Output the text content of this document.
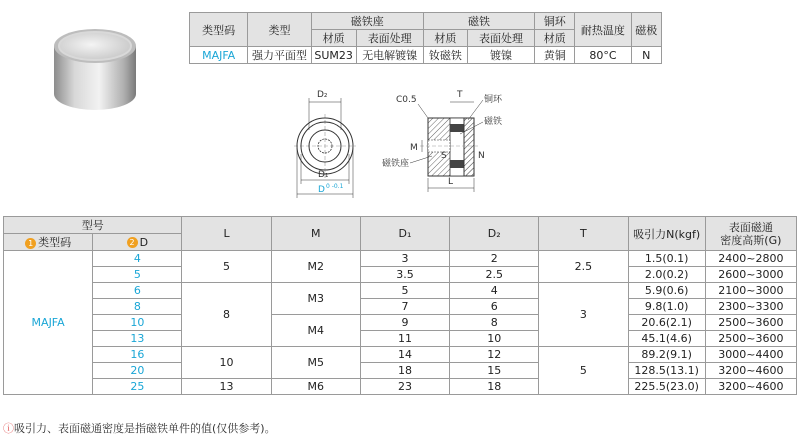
类型码	类型	磁铁座		磁铁		铜环	耐热温度	磁极
		材质	表面处理	材质	表面处理	材质		
MAJFA	强力平面型	SUM23	无电解镀镍	钕磁铁	镀镍	黄铜	80°C	N
D₂
D₁
D 0 -0.1
C0.5	T
M
铜环
磁铁
磁铁座
S	N
L
型号		L	M	D₁	D₂	T	吸引力N(kgf)	表面磁通
密度高斯(G)
1 类型码	2 D							
MAJFA	4	5	M2	3	2	2.5	1.5(0.1)	2400~2800
	5			3.5	2.5		2.0(0.2)	2600~3000
	6	8	M3	5	4	3	5.9(0.6)	2100~3000
	8			7	6		9.8(1.0)	2300~3300
	10		M4	9	8		20.6(2.1)	2500~3600
	13			11	10		45.1(4.6)	2500~3600
	16	10	M5	14	12	5	89.2(9.1)	3000~4400
	20			18	15		128.5(13.1)	3200~4600
	25	13	M6	23	18		225.5(23.0)	3200~4600
ⓘ吸引力、表面磁通密度是指磁铁单件的值(仅供参考)。
